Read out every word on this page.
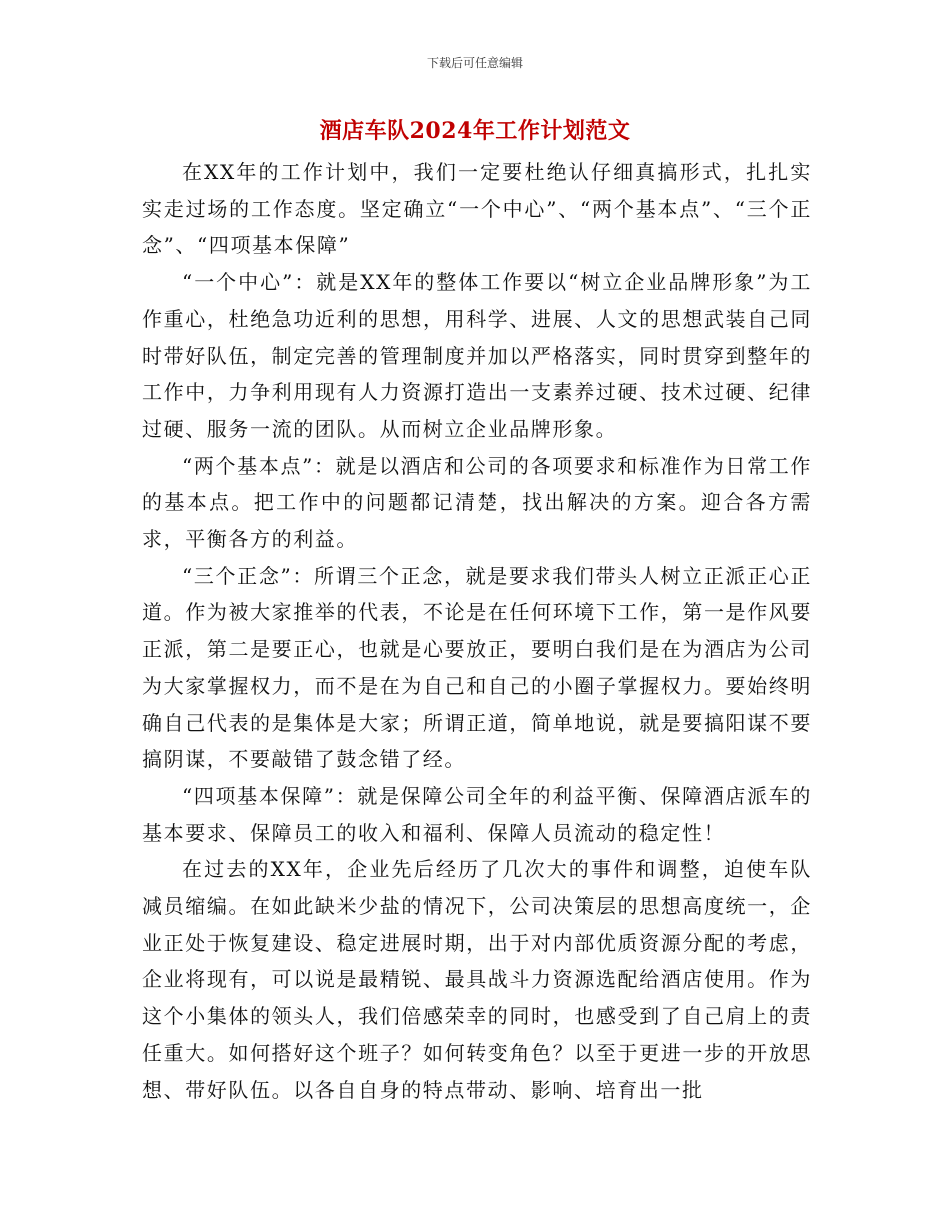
下载后可任意编辑
酒店车队2024年工作计划范文

在XX年的工作计划中，我们一定要杜绝认仔细真搞形式，扎扎实实走过场的工作态度。坚定确立“一个中心”、“两个基本点”、“三个正念”、“四项基本保障”

“一个中心”：就是XX年的整体工作要以“树立企业品牌形象”为工作重心，杜绝急功近利的思想，用科学、进展、人文的思想武装自己同时带好队伍，制定完善的管理制度并加以严格落实，同时贯穿到整年的工作中，力争利用现有人力资源打造出一支素养过硬、技术过硬、纪律过硬、服务一流的团队。从而树立企业品牌形象。

“两个基本点”：就是以酒店和公司的各项要求和标准作为日常工作的基本点。把工作中的问题都记清楚，找出解决的方案。迎合各方需求，平衡各方的利益。

“三个正念”：所谓三个正念，就是要求我们带头人树立正派正心正道。作为被大家推举的代表，不论是在任何环境下工作，第一是作风要正派，第二是要正心，也就是心要放正，要明白我们是在为酒店为公司为大家掌握权力，而不是在为自己和自己的小圈子掌握权力。要始终明确自己代表的是集体是大家；所谓正道，简单地说，就是要搞阳谋不要搞阴谋，不要敲错了鼓念错了经。

“四项基本保障”：就是保障公司全年的利益平衡、保障酒店派车的基本要求、保障员工的收入和福利、保障人员流动的稳定性！

在过去的XX年，企业先后经历了几次大的事件和调整，迫使车队减员缩编。在如此缺米少盐的情况下，公司决策层的思想高度统一，企业正处于恢复建设、稳定进展时期，出于对内部优质资源分配的考虑，企业将现有，可以说是最精锐、最具战斗力资源选配给酒店使用。作为这个小集体的领头人，我们倍感荣幸的同时，也感受到了自己肩上的责任重大。如何搭好这个班子？如何转变角色？以至于更进一步的开放思想、带好队伍。以各自自身的特点带动、影响、培育出一批
